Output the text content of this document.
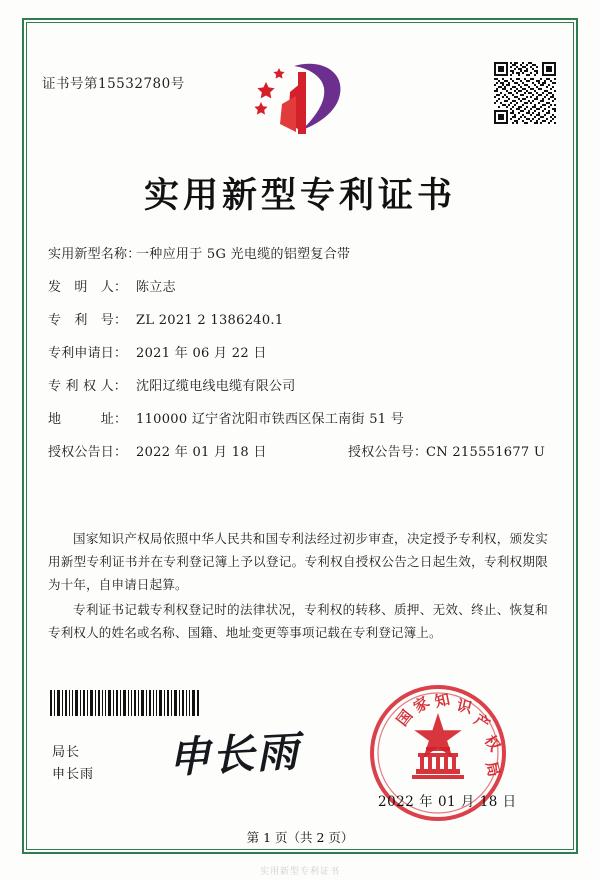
证书号第15532780号
实用新型专利证书
实用新型名称：一种应用于 5G 光电缆的铝塑复合带
发　明　人： 陈立志
专　利　号： ZL 2021 2 1386240.1
专利申请日： 2021 年 06 月 22 日
专 利 权 人： 沈阳辽缆电线电缆有限公司
地　　　址： 110000 辽宁省沈阳市铁西区保工南街 51 号
授权公告日： 2022 年 01 月 18 日	授权公告号：CN 215551677 U
国家知识产权局依照中华人民共和国专利法经过初步审查，决定授予专利权，颁发实用新型专利证书并在专利登记簿上予以登记。专利权自授权公告之日起生效，专利权期限为十年，自申请日起算。
专利证书记载专利权登记时的法律状况，专利权的转移、质押、无效、终止、恢复和专利权人的姓名或名称、国籍、地址变更等事项记载在专利登记簿上。
局长
申长雨 申长雨
国
家 知 识
产
权
局
2022 年 01 月 18 日
第 1 页（共 2 页）
实用新型专利证书
